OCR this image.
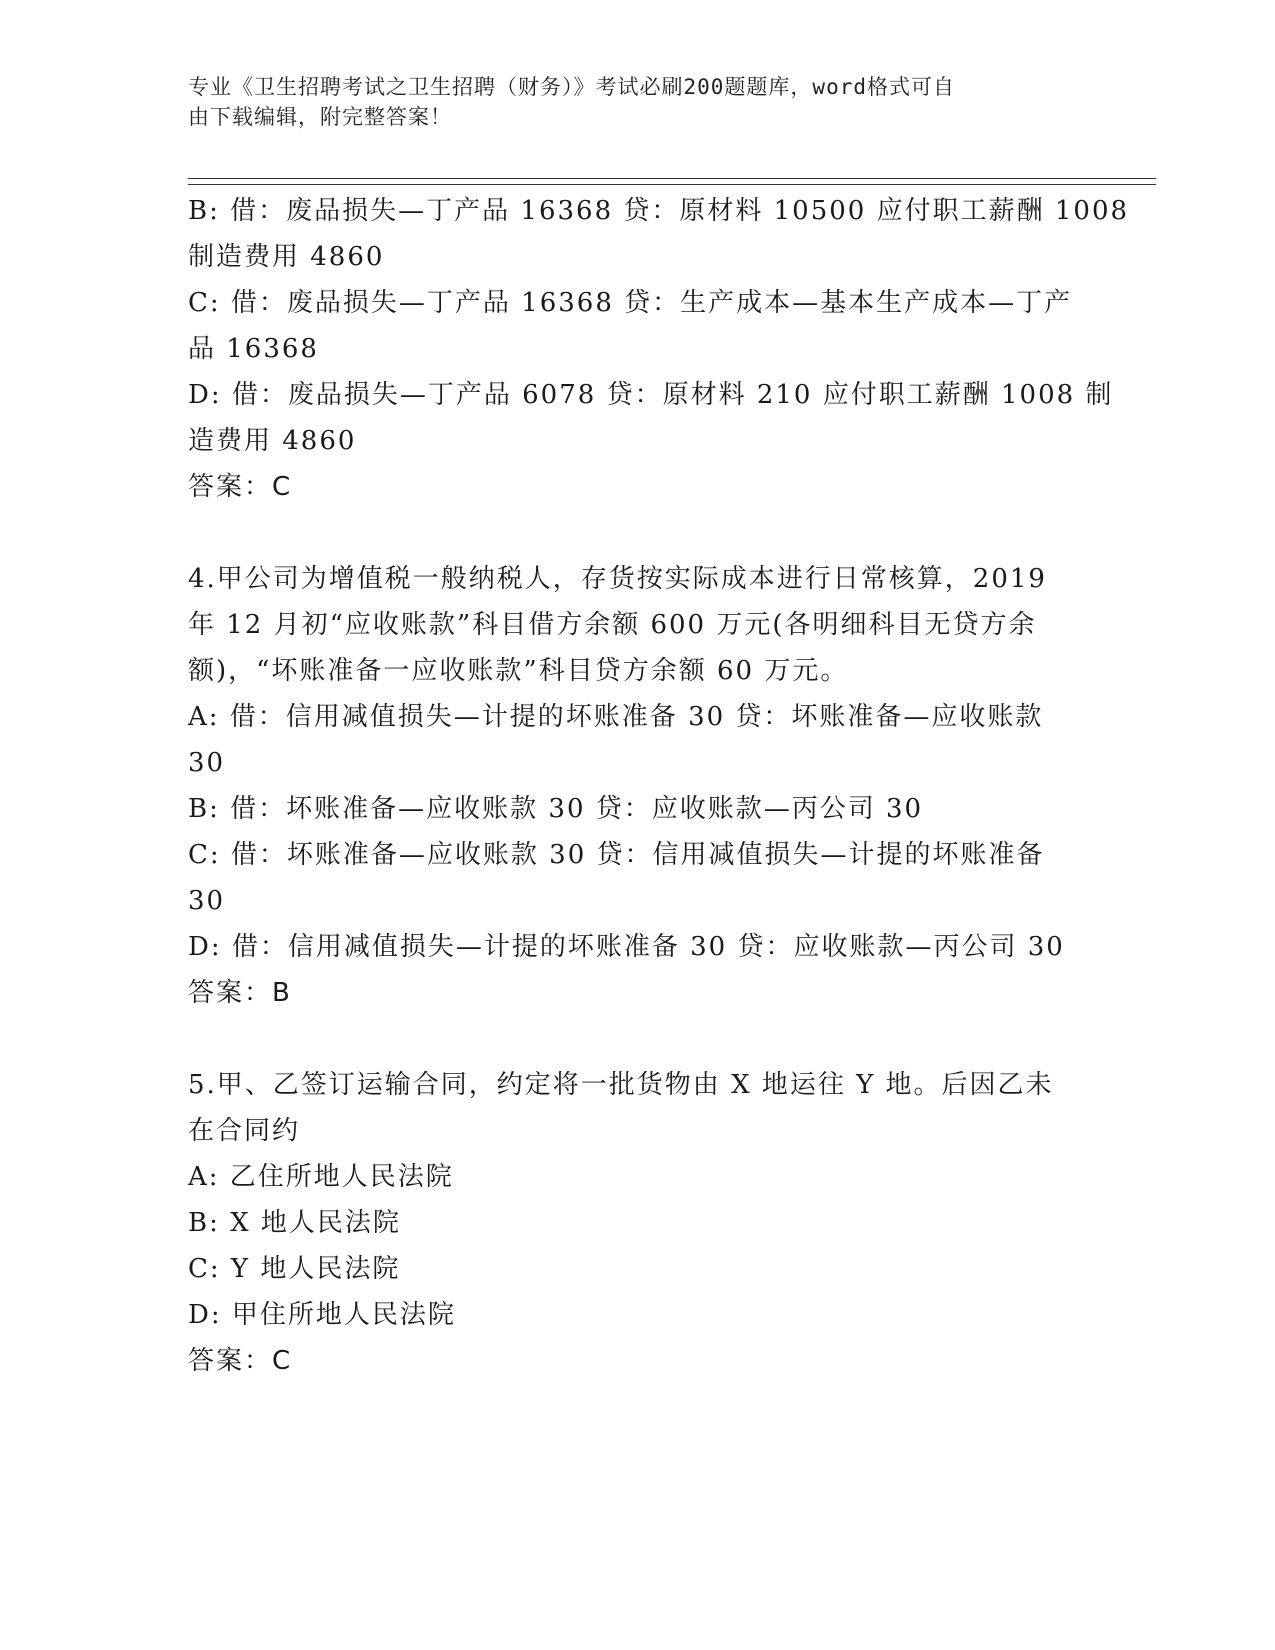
专业《卫生招聘考试之卫生招聘（财务）》考试必刷200题题库，word格式可自
由下载编辑，附完整答案！
B: 借：废品损失—丁产品 16368 贷：原材料 10500 应付职工薪酬 1008
制造费用 4860
C: 借：废品损失—丁产品 16368 贷：生产成本—基本生产成本—丁产
品 16368
D: 借：废品损失—丁产品 6078 贷：原材料 210 应付职工薪酬 1008 制
造费用 4860
答案：C
4.甲公司为增值税一般纳税人，存货按实际成本进行日常核算，2019
年 12 月初“应收账款”科目借方余额 600 万元(各明细科目无贷方余
额)，“坏账准备一应收账款”科目贷方余额 60 万元。
A: 借：信用减值损失—计提的坏账准备 30 贷：坏账准备—应收账款
30
B: 借：坏账准备—应收账款 30 贷：应收账款—丙公司 30
C: 借：坏账准备—应收账款 30 贷：信用减值损失—计提的坏账准备
30
D: 借：信用减值损失—计提的坏账准备 30 贷：应收账款—丙公司 30
答案：B
5.甲、乙签订运输合同，约定将一批货物由 X 地运往 Y 地。后因乙未
在合同约
A: 乙住所地人民法院
B: X 地人民法院
C: Y 地人民法院
D: 甲住所地人民法院
答案：C
